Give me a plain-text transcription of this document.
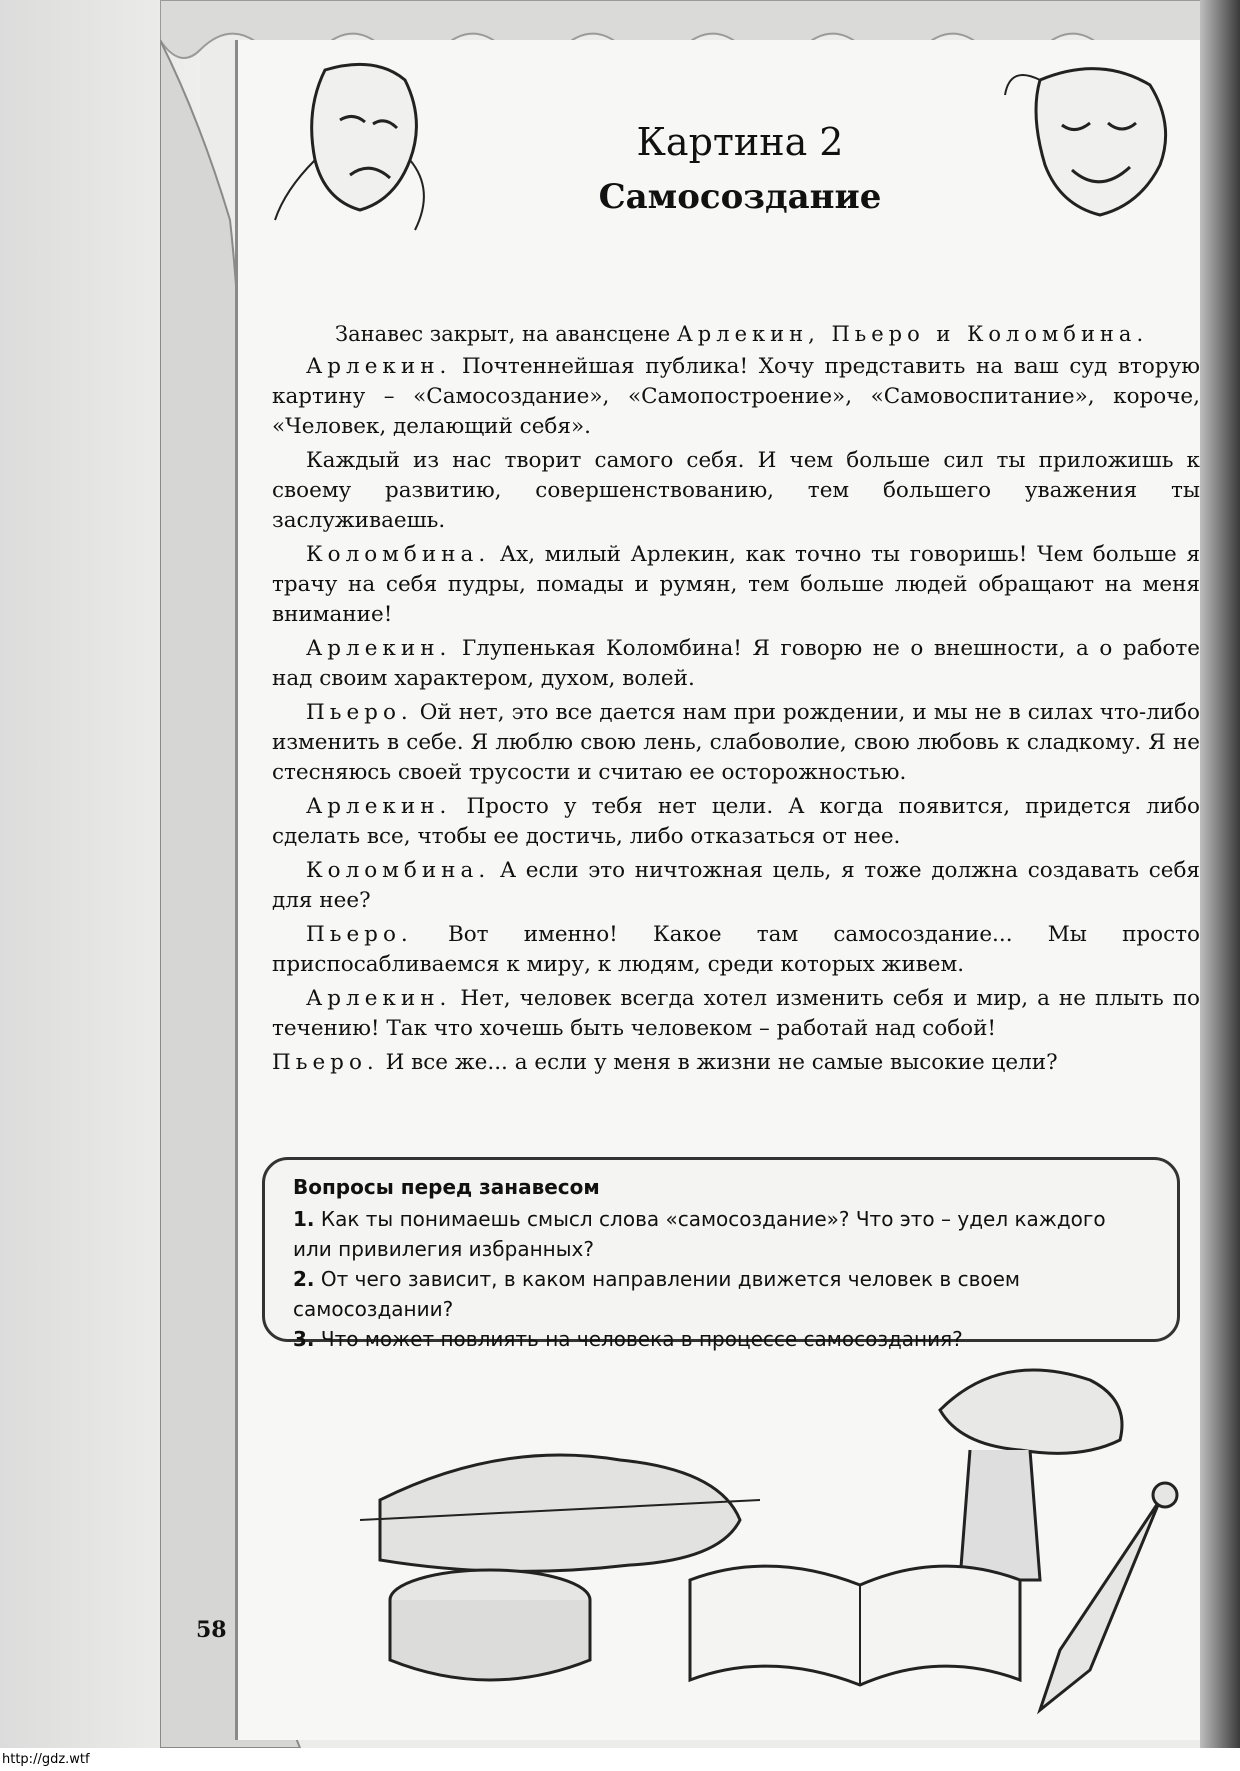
Картина 2
Самосоздание
Занавес закрыт, на авансцене Арлекин, Пьеро и Коломбина.

Арлекин. Почтеннейшая публика! Хочу представить на ваш суд вторую картину – «Самосоздание», «Самопостроение», «Самовоспитание», короче, «Человек, делающий себя».

Каждый из нас творит самого себя. И чем больше сил ты приложишь к своему развитию, совершенствованию, тем большего уважения ты заслуживаешь.

Коломбина. Ах, милый Арлекин, как точно ты говоришь! Чем больше я трачу на себя пудры, помады и румян, тем больше людей обращают на меня внимание!

Арлекин. Глупенькая Коломбина! Я говорю не о внешности, а о работе над своим характером, духом, волей.

Пьеро. Ой нет, это все дается нам при рождении, и мы не в силах что-либо изменить в себе. Я люблю свою лень, слабоволие, свою любовь к сладкому. Я не стесняюсь своей трусости и считаю ее осторожностью.

Арлекин. Просто у тебя нет цели. А когда появится, придется либо сделать все, чтобы ее достичь, либо отказаться от нее.

Коломбина. А если это ничтожная цель, я тоже должна создавать себя для нее?

Пьеро. Вот именно! Какое там самосоздание... Мы просто приспосабливаемся к миру, к людям, среди которых живем.

Арлекин. Нет, человек всегда хотел изменить себя и мир, а не плыть по течению! Так что хочешь быть человеком – работай над собой!

Пьеро. И все же... а если у меня в жизни не самые высокие цели?

Вопросы перед занавесом
1. Как ты понимаешь смысл слова «самосоздание»? Что это – удел каждого или привилегия избранных?
2. От чего зависит, в каком направлении движется человек в своем самосоздании?
3. Что может повлиять на человека в процессе самосоздания?
58
http://gdz.wtf
